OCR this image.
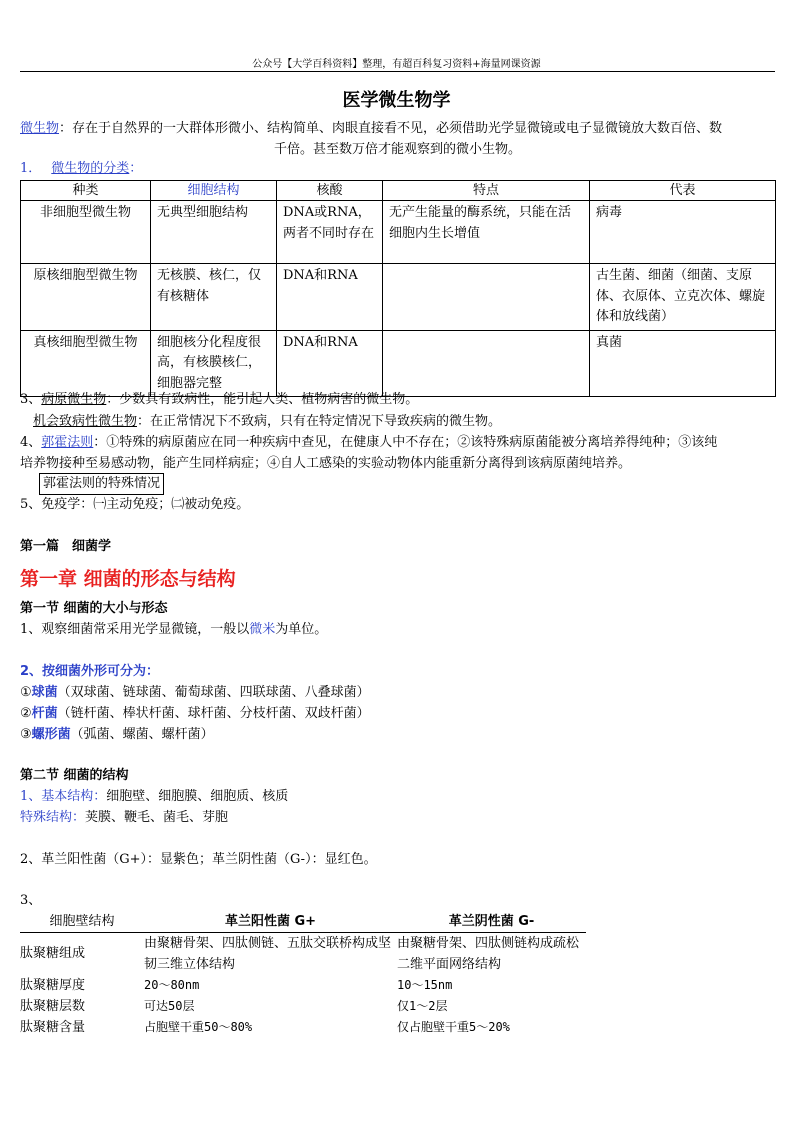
公众号【大学百科资料】整理，有超百科复习资料+海量网课资源
医学微生物学
微生物：存在于自然界的一大群体形微小、结构简单、肉眼直接看不见，必须借助光学显微镜或电子显微镜放大数百倍、数
千倍。甚至数万倍才能观察到的微小生物。
1． 微生物的分类：
种类	细胞结构	核酸	特点	代表
非细胞型微生物	无典型细胞结构	DNA或RNA，两者不同时存在	无产生能量的酶系统，只能在活细胞内生长增值	病毒
原核细胞型微生物	无核膜、核仁，仅有核糖体	DNA和RNA		古生菌、细菌（细菌、支原体、衣原体、立克次体、螺旋体和放线菌）
真核细胞型微生物	细胞核分化程度很高，有核膜核仁，细胞器完整	DNA和RNA		真菌
3、病原微生物：少数具有致病性，能引起人类、植物病害的微生物。
机会致病性微生物：在正常情况下不致病，只有在特定情况下导致疾病的微生物。
4、郭霍法则：①特殊的病原菌应在同一种疾病中查见，在健康人中不存在；②该特殊病原菌能被分离培养得纯种；③该纯
培养物接种至易感动物，能产生同样病症；④自人工感染的实验动物体内能重新分离得到该病原菌纯培养。
郭霍法则的特殊情况
5、免疫学：㈠主动免疫；㈡被动免疫。
第一篇　细菌学
第一章 细菌的形态与结构
第一节 细菌的大小与形态
1、观察细菌常采用光学显微镜，一般以微米为单位。
2、按细菌外形可分为：
①球菌（双球菌、链球菌、葡萄球菌、四联球菌、八叠球菌）
②杆菌（链杆菌、棒状杆菌、球杆菌、分枝杆菌、双歧杆菌）
③螺形菌（弧菌、螺菌、螺杆菌）
第二节 细菌的结构
1、基本结构：细胞壁、细胞膜、细胞质、核质
特殊结构：荚膜、鞭毛、菌毛、芽胞
2、革兰阳性菌（G+）：显紫色；革兰阴性菌（G-）：显红色。
3、
细胞壁结构	革兰阳性菌 G+	革兰阴性菌 G-
肽聚糖组成	由聚糖骨架、四肽侧链、五肽交联桥构成坚韧三维立体结构	由聚糖骨架、四肽侧链构成疏松二维平面网络结构
肽聚糖厚度	20～80nm	10～15nm
肽聚糖层数	可达50层	仅1～2层
肽聚糖含量	占胞壁干重50～80%	仅占胞壁干重5～20%
